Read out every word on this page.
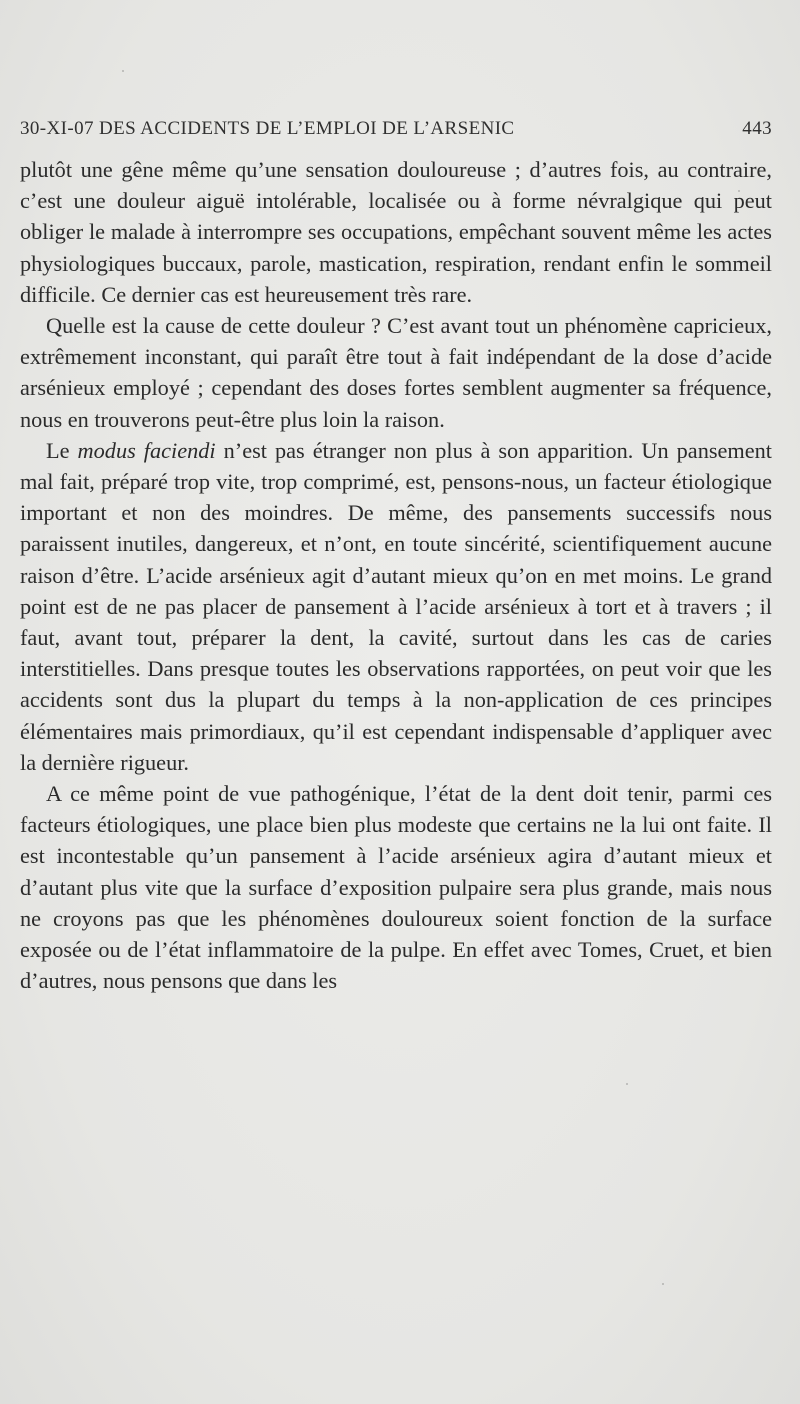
30-XI-07 DES ACCIDENTS DE L’EMPLOI DE L’ARSENIC	443

plutôt une gêne même qu’une sensation douloureuse ; d’autres fois, au contraire, c’est une douleur aiguë intolérable, localisée ou à forme névralgique qui peut obliger le malade à interrompre ses occupations, empêchant souvent même les actes physiologiques buccaux, parole, mastication, respiration, rendant enfin le sommeil difficile. Ce dernier cas est heureusement très rare.

Quelle est la cause de cette douleur ? C’est avant tout un phénomène capricieux, extrêmement inconstant, qui paraît être tout à fait indépendant de la dose d’acide arsénieux employé ; cependant des doses fortes semblent augmenter sa fréquence, nous en trouverons peut-être plus loin la raison.

Le modus faciendi n’est pas étranger non plus à son apparition. Un pansement mal fait, préparé trop vite, trop comprimé, est, pensons-nous, un facteur étiologique important et non des moindres. De même, des pansements successifs nous paraissent inutiles, dangereux, et n’ont, en toute sincérité, scientifiquement aucune raison d’être. L’acide arsénieux agit d’autant mieux qu’on en met moins. Le grand point est de ne pas placer de pansement à l’acide arsénieux à tort et à travers ; il faut, avant tout, préparer la dent, la cavité, surtout dans les cas de caries interstitielles. Dans presque toutes les observations rapportées, on peut voir que les accidents sont dus la plupart du temps à la non-application de ces principes élémentaires mais primordiaux, qu’il est cependant indispensable d’appliquer avec la dernière rigueur.

A ce même point de vue pathogénique, l’état de la dent doit tenir, parmi ces facteurs étiologiques, une place bien plus modeste que certains ne la lui ont faite. Il est incontestable qu’un pansement à l’acide arsénieux agira d’autant mieux et d’autant plus vite que la surface d’exposition pulpaire sera plus grande, mais nous ne croyons pas que les phénomènes douloureux soient fonction de la surface exposée ou de l’état inflammatoire de la pulpe. En effet avec Tomes, Cruet, et bien d’autres, nous pensons que dans les
